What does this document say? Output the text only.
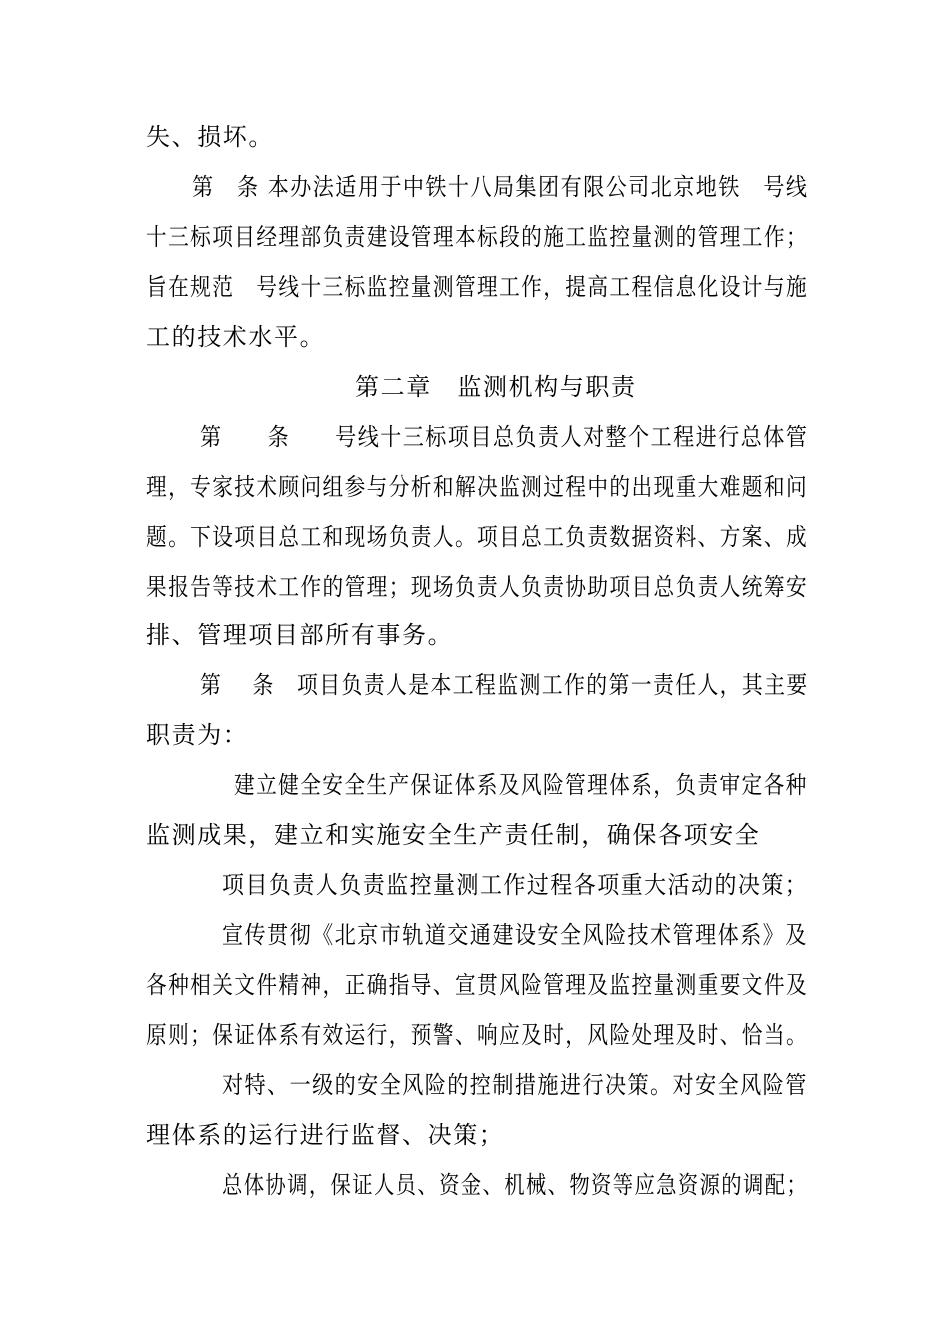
失、损坏。
第　条 本办法适用于中铁十八局集团有限公司北京地铁　号线
十三标项目经理部负责建设管理本标段的施工监控量测的管理工作；
旨在规范　号线十三标监控量测管理工作，提高工程信息化设计与施
工的技术水平。
第二章　监测机构与职责
第　　条　　号线十三标项目总负责人对整个工程进行总体管
理，专家技术顾问组参与分析和解决监测过程中的出现重大难题和问
题。下设项目总工和现场负责人。项目总工负责数据资料、方案、成
果报告等技术工作的管理；现场负责人负责协助项目总负责人统筹安
排、管理项目部所有事务。
第　 条　项目负责人是本工程监测工作的第一责任人，其主要
职责为：
建立健全安全生产保证体系及风险管理体系，负责审定各种
监测成果，建立和实施安全生产责任制，确保各项安全
项目负责人负责监控量测工作过程各项重大活动的决策；
宣传贯彻《北京市轨道交通建设安全风险技术管理体系》及
各种相关文件精神，正确指导、宣贯风险管理及监控量测重要文件及
原则；保证体系有效运行，预警、响应及时，风险处理及时、恰当。
对特、一级的安全风险的控制措施进行决策。对安全风险管
理体系的运行进行监督、决策；
总体协调，保证人员、资金、机械、物资等应急资源的调配；
